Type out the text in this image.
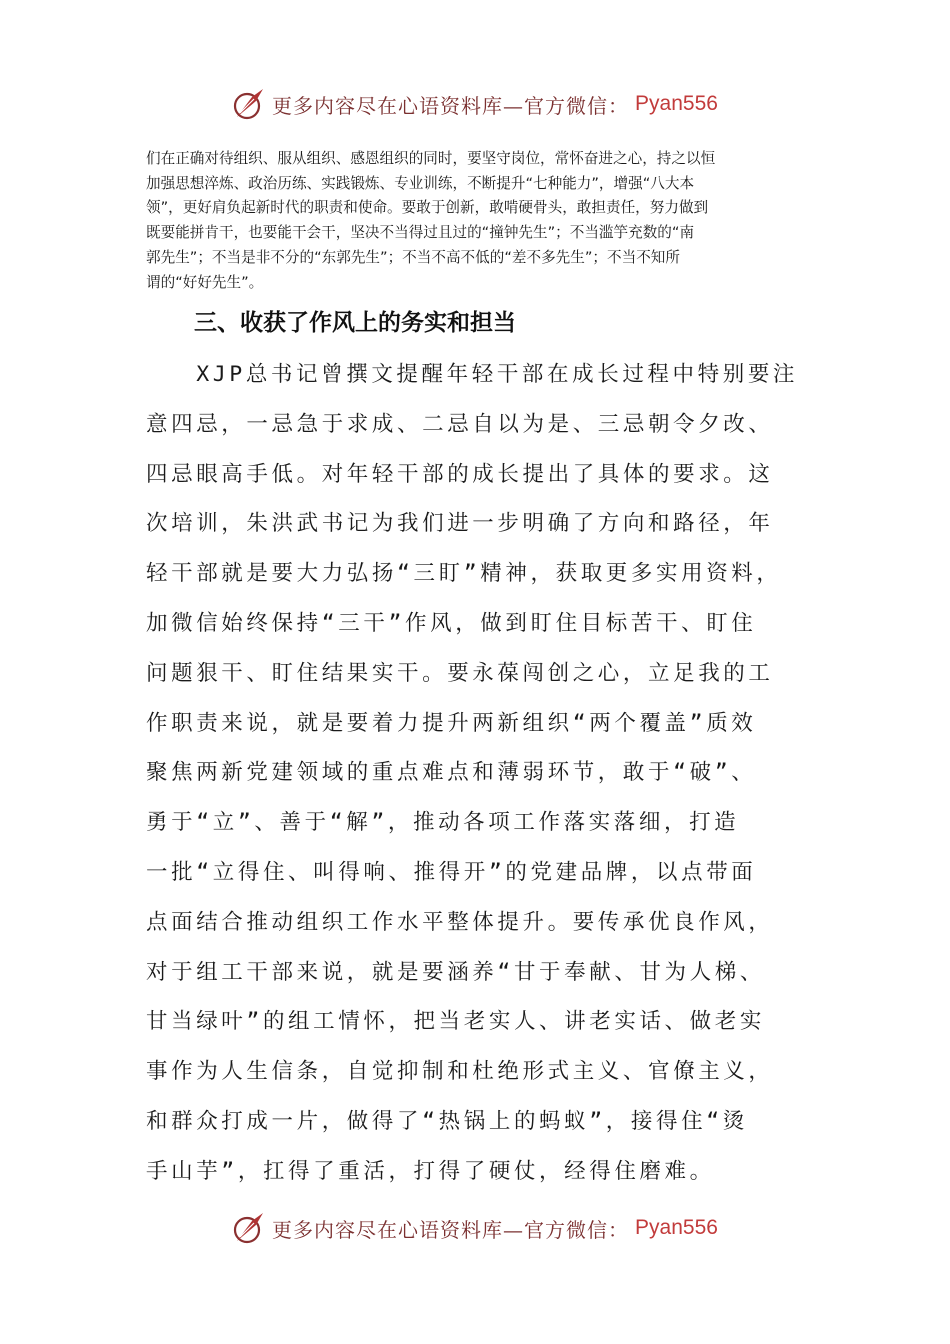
更多内容尽在心语资料库—官方微信： Pyan556
们在正确对待组织、服从组织、感恩组织的同时，要坚守岗位，常怀奋进之心，持之以恒
加强思想淬炼、政治历练、实践锻炼、专业训练，不断提升“七种能力”，增强“八大本
领”，更好肩负起新时代的职责和使命。要敢于创新，敢啃硬骨头，敢担责任，努力做到
既要能拼肯干，也要能干会干，坚决不当得过且过的“撞钟先生”；不当滥竽充数的“南
郭先生”；不当是非不分的“东郭先生”；不当不高不低的“差不多先生”；不当不知所
谓的“好好先生”。
三、收获了作风上的务实和担当
　　XJP总书记曾撰文提醒年轻干部在成长过程中特别要注
意四忌，一忌急于求成、二忌自以为是、三忌朝令夕改、
四忌眼高手低。对年轻干部的成长提出了具体的要求。这
次培训，朱洪武书记为我们进一步明确了方向和路径，年
轻干部就是要大力弘扬“三盯”精神，获取更多实用资料，
加微信始终保持“三干”作风，做到盯住目标苦干、盯住
问题狠干、盯住结果实干。要永葆闯创之心，立足我的工
作职责来说，就是要着力提升两新组织“两个覆盖”质效
聚焦两新党建领域的重点难点和薄弱环节，敢于“破”、
勇于“立”、善于“解”，推动各项工作落实落细，打造
一批“立得住、叫得响、推得开”的党建品牌，以点带面
点面结合推动组织工作水平整体提升。要传承优良作风，
对于组工干部来说，就是要涵养“甘于奉献、甘为人梯、
甘当绿叶”的组工情怀，把当老实人、讲老实话、做老实
事作为人生信条，自觉抑制和杜绝形式主义、官僚主义，
和群众打成一片，做得了“热锅上的蚂蚁”，接得住“烫
手山芋”，扛得了重活，打得了硬仗，经得住磨难。
更多内容尽在心语资料库—官方微信： Pyan556
